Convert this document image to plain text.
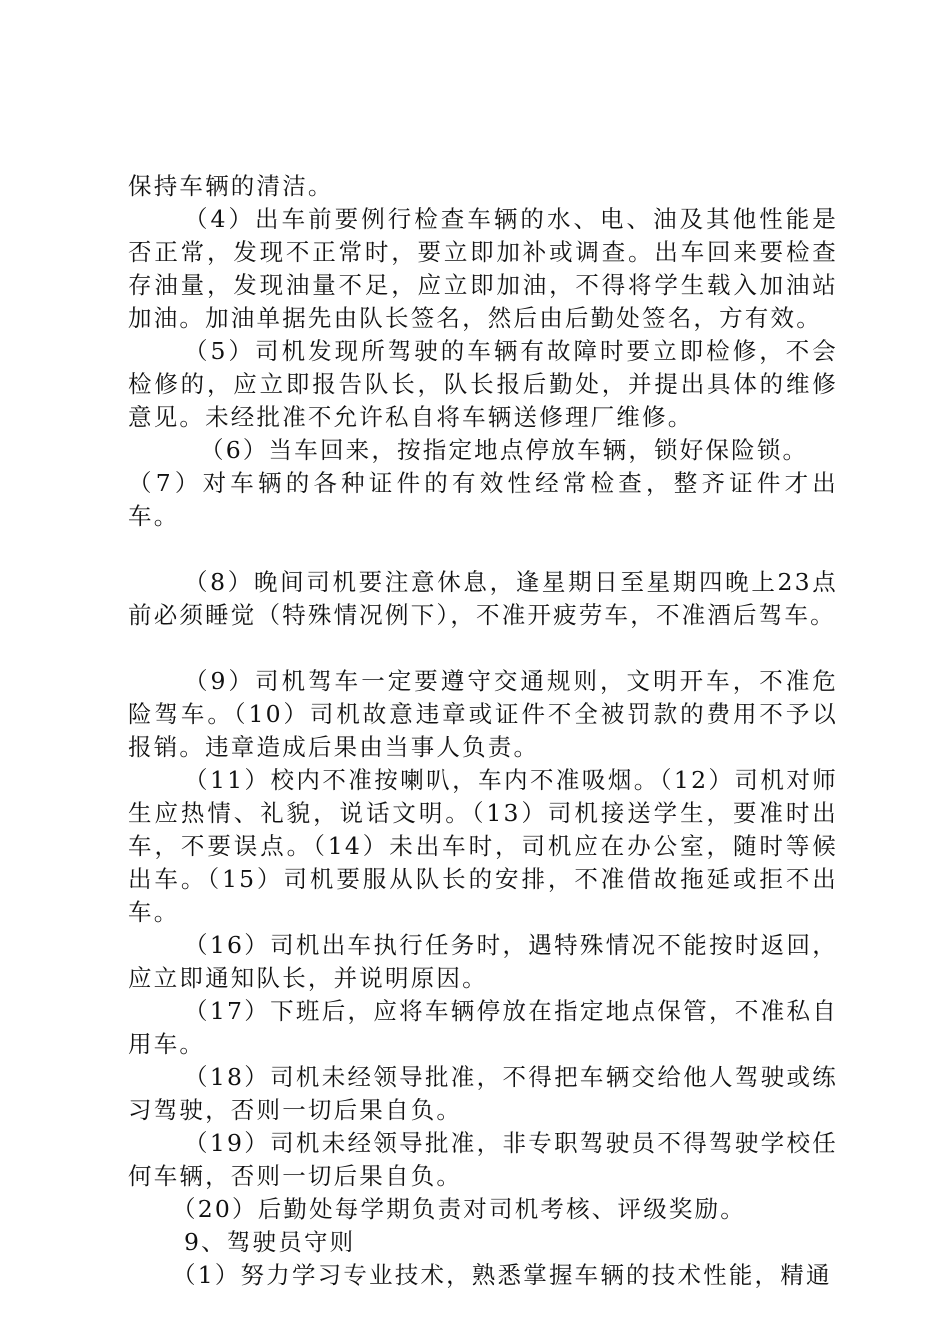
保持车辆的清洁。

（4）出车前要例行检查车辆的水、电、油及其他性能是否正常，发现不正常时，要立即加补或调查。出车回来要检查存油量，发现油量不足，应立即加油，不得将学生载入加油站加油。加油单据先由队长签名，然后由后勤处签名，方有效。

（5）司机发现所驾驶的车辆有故障时要立即检修，不会检修的，应立即报告队长，队长报后勤处，并提出具体的维修意见。未经批准不允许私自将车辆送修理厂维修。

（6）当车回来，按指定地点停放车辆，锁好保险锁。

（7）对车辆的各种证件的有效性经常检查，整齐证件才出车。

（8）晚间司机要注意休息，逢星期日至星期四晚上23点前必须睡觉（特殊情况例下），不准开疲劳车，不准酒后驾车。

（9）司机驾车一定要遵守交通规则，文明开车，不准危险驾车。（10）司机故意违章或证件不全被罚款的费用不予以报销。违章造成后果由当事人负责。

（11）校内不准按喇叭，车内不准吸烟。（12）司机对师生应热情、礼貌，说话文明。（13）司机接送学生，要准时出车，不要误点。（14）未出车时，司机应在办公室，随时等候出车。（15）司机要服从队长的安排，不准借故拖延或拒不出车。

（16）司机出车执行任务时，遇特殊情况不能按时返回，应立即通知队长，并说明原因。

（17）下班后，应将车辆停放在指定地点保管，不准私自用车。

（18）司机未经领导批准，不得把车辆交给他人驾驶或练习驾驶，否则一切后果自负。

（19）司机未经领导批准，非专职驾驶员不得驾驶学校任何车辆，否则一切后果自负。

（20）后勤处每学期负责对司机考核、评级奖励。

9、驾驶员守则

（1）努力学习专业技术，熟悉掌握车辆的技术性能，精通
